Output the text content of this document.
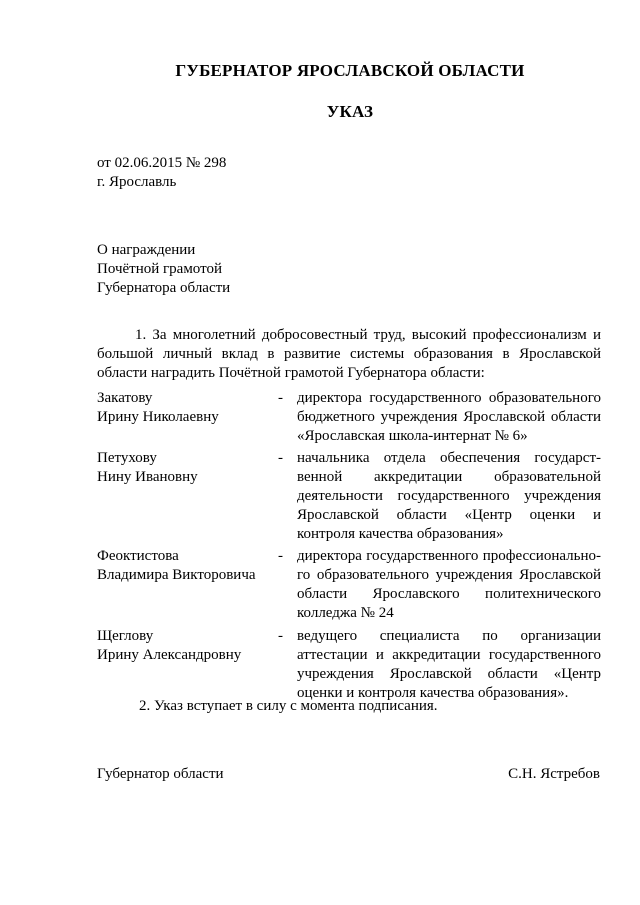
ГУБЕРНАТОР ЯРОСЛАВСКОЙ ОБЛАСТИ
УКАЗ
от 02.06.2015 № 298
г. Ярославль
О награждении
Почётной грамотой
Губернатора области
1. За многолетний добросовестный труд, высокий профессионализм и большой личный вклад в развитие системы образования в Ярославской области наградить Почётной грамотой Губернатора области:
Закатову
Ирину Николаевну
- директора государственного образовательного бюджетного учреждения Ярославской области «Ярославская школа-интернат № 6»
Петухову
Нину Ивановну
- начальника отдела обеспечения государст-венной аккредитации образовательной деятельности государственного учреждения Ярославской области «Центр оценки и контроля качества образования»
Феоктистова
Владимира Викторовича
- директора государственного профессионально-го образовательного учреждения Ярославской области Ярославского политехнического колледжа № 24
Щеглову
Ирину Александровну
- ведущего специалиста по организации аттестации и аккредитации государственного учреждения Ярославской области «Центр оценки и контроля качества образования».
2. Указ вступает в силу с момента подписания.
Губернатор области	С.Н. Ястребов
